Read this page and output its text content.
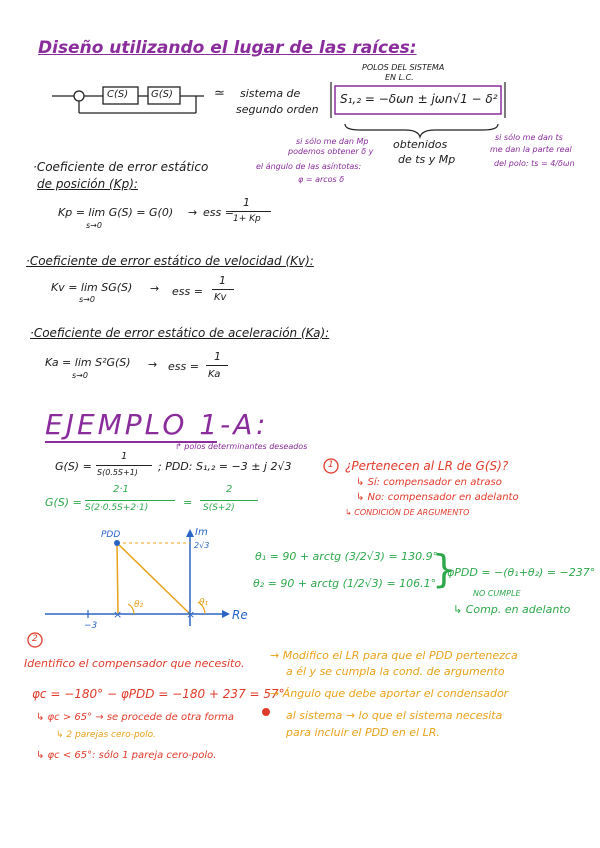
Diseño utilizando el lugar de las raíces:
C(S) G(S)	≃ sistema de
segundo orden
POLOS DEL SISTEMA
EN L.C.
S₁,₂ = −δωn ± jωn√1 − δ²
obtenidos
de ts y Mp
si sólo me dan Mp
podemos obtener δ y
el ángulo de las asíntotas:
φ = arcos δ
si sólo me dan ts
me dan la parte real
del polo: ts = 4/δωn
·Coeficiente de error estático
de posición (Kp):
Kp = lim G(S) = G(0)
s→0
→ ess =
1
1+ Kp
·Coeficiente de error estático de velocidad (Kv):
Kv = lim SG(S)
s→0
→ ess =
1
Kv
·Coeficiente de error estático de aceleración (Ka):
Ka = lim S²G(S)
s→0
→ ess =
1
Ka
EJEMPLO 1-A:
↱ polos determinantes deseados
G(S) =
1
S(0.5S+1) ; PDD: S₁,₂ = −3 ± j 2√3
G(S) =
2·1
S(2·0.5S+2·1)	=
2
S(S+2)
1 ¿Pertenecen al LR de G(S)?
↳ Sí: compensador en atraso
↳ No: compensador en adelanto
↳ CONDICIÓN DE ARGUMENTO
×	×
PDD	Im
2√3
Re
−3
θ₂	θ₁
θ₁ = 90 + arctg (3/2√3) = 130.9°
θ₂ = 90 + arctg (1/2√3) = 106.1°
}
φPDD = −(θ₁+θ₂) = −237°
NO CUMPLE
↳ Comp. en adelanto
2
Identifico el compensador que necesito.
→ Modifico el LR para que el PDD pertenezca
a él y se cumpla la cond. de argumento
φc = −180° − φPDD = −180 + 237 = 57°
→ Ángulo que debe aportar el condensador
al sistema → lo que el sistema necesita
para incluir el PDD en el LR.
↳ φc > 65° → se procede de otra forma
↳ 2 parejas cero-polo.
↳ φc < 65°: sólo 1 pareja cero-polo.
